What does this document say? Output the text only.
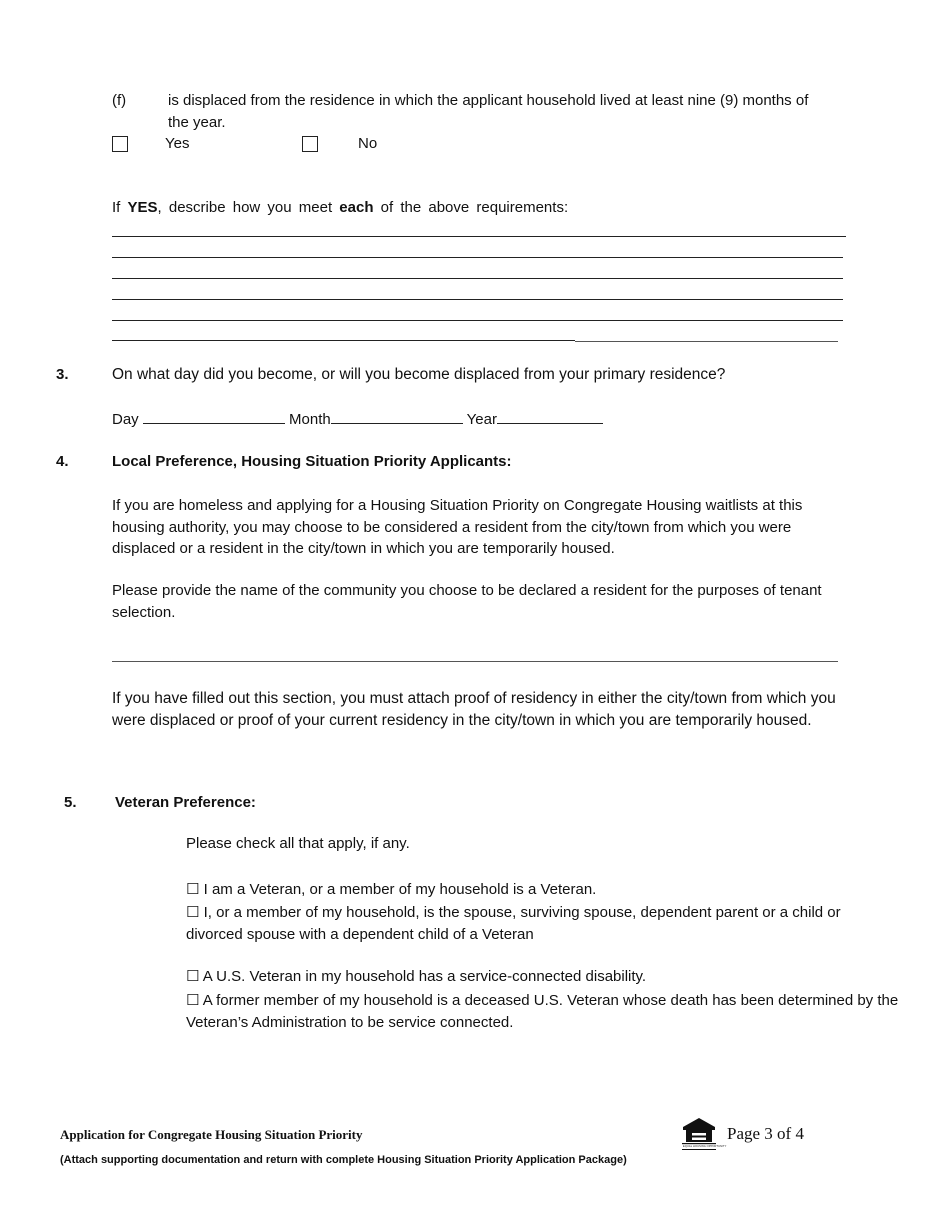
(f)	is displaced from the residence in which the applicant household lived at least nine (9) months of
the year.
Yes	No
If YES, describe how you meet each of the above requirements:
3.	On what day did you become, or will you become displaced from your primary residence?
Day	Month	Year
4.	Local Preference, Housing Situation Priority Applicants:
If you are homeless and applying for a Housing Situation Priority on Congregate Housing waitlists at this housing authority, you may choose to be considered a resident from the city/town from which you were displaced or a resident in the city/town in which you are temporarily housed.
Please provide the name of the community you choose to be declared a resident for the purposes of tenant selection.
If you have filled out this section, you must attach proof of residency in either the city/town from which you were displaced or proof of your current residency in the city/town in which you are temporarily housed.
5.	Veteran Preference:
Please check all that apply, if any.
☐ I am a Veteran, or a member of my household is a Veteran.
☐ I, or a member of my household, is the spouse, surviving spouse, dependent parent or a child or divorced spouse with a dependent child of a Veteran
☐ A U.S. Veteran in my household has a service-connected disability.
☐ A former member of my household is a deceased U.S. Veteran whose death has been determined by the Veteran’s Administration to be service connected.
Application for Congregate Housing Situation Priority
(Attach supporting documentation and return with complete Housing Situation Priority Application Package)
EQUAL HOUSING OPPORTUNITY
Page 3 of 4
